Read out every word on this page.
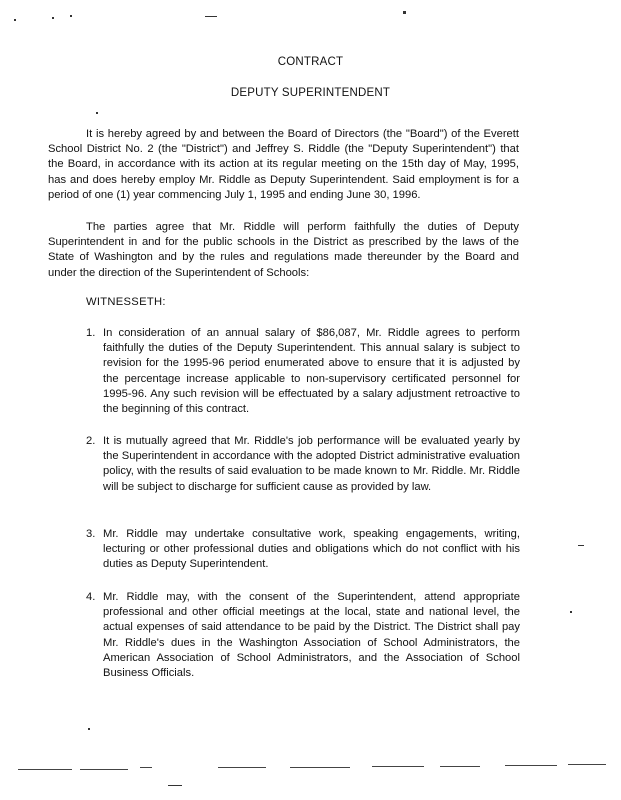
CONTRACT
DEPUTY SUPERINTENDENT

It is hereby agreed by and between the Board of Directors (the "Board") of the Everett School District No. 2 (the "District") and Jeffrey S. Riddle (the "Deputy Superintendent") that the Board, in accordance with its action at its regular meeting on the 15th day of May, 1995, has and does hereby employ Mr. Riddle as Deputy Superintendent. Said employment is for a period of one (1) year commencing July 1, 1995 and ending June 30, 1996.

The parties agree that Mr. Riddle will perform faithfully the duties of Deputy Superintendent in and for the public schools in the District as prescribed by the laws of the State of Washington and by the rules and regulations made thereunder by the Board and under the direction of the Superintendent of Schools:

WITNESSETH:
1. In consideration of an annual salary of $86,087, Mr. Riddle agrees to perform faithfully the duties of the Deputy Superintendent. This annual salary is subject to revision for the 1995-96 period enumerated above to ensure that it is adjusted by the percentage increase applicable to non-supervisory certificated personnel for 1995-96. Any such revision will be effectuated by a salary adjustment retroactive to the beginning of this contract.
2. It is mutually agreed that Mr. Riddle's job performance will be evaluated yearly by the Superintendent in accordance with the adopted District administrative evaluation policy, with the results of said evaluation to be made known to Mr. Riddle. Mr. Riddle will be subject to discharge for sufficient cause as provided by law.
3. Mr. Riddle may undertake consultative work, speaking engagements, writing, lecturing or other professional duties and obligations which do not conflict with his duties as Deputy Superintendent.
4. Mr. Riddle may, with the consent of the Superintendent, attend appropriate professional and other official meetings at the local, state and national level, the actual expenses of said attendance to be paid by the District. The District shall pay Mr. Riddle's dues in the Washington Association of School Administrators, the American Association of School Administrators, and the Association of School Business Officials.
